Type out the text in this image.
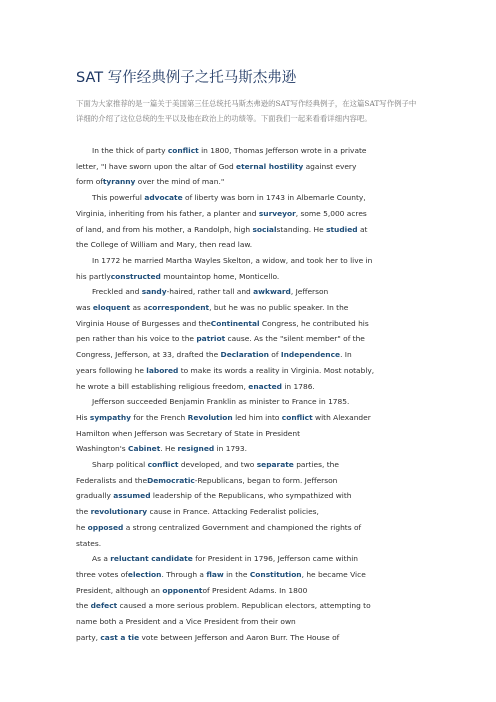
SAT 写作经典例子之托马斯杰弗逊

下面为大家推荐的是一篇关于美国第三任总统托马斯杰弗逊的SAT写作经典例子，在这篇SAT写作例子中详细的介绍了这位总统的生平以及他在政治上的功绩等。下面我们一起来看看详细内容吧。

In the thick of party conflict in 1800, Thomas Jefferson wrote in a private
letter, "I have sworn upon the altar of God eternal hostility against every
form oftyranny over the mind of man."
This powerful advocate of liberty was born in 1743 in Albemarle County,
Virginia, inheriting from his father, a planter and surveyor, some 5,000 acres
of land, and from his mother, a Randolph, high socialstanding. He studied at
the College of William and Mary, then read law.
In 1772 he married Martha Wayles Skelton, a widow, and took her to live in
his partlyconstructed mountaintop home, Monticello.
Freckled and sandy-haired, rather tall and awkward, Jefferson
was eloquent as acorrespondent, but he was no public speaker. In the
Virginia House of Burgesses and theContinental Congress, he contributed his
pen rather than his voice to the patriot cause. As the "silent member" of the
Congress, Jefferson, at 33, drafted the Declaration of Independence. In
years following he labored to make its words a reality in Virginia. Most notably,
he wrote a bill establishing religious freedom, enacted in 1786.
Jefferson succeeded Benjamin Franklin as minister to France in 1785.
His sympathy for the French Revolution led him into conflict with Alexander
Hamilton when Jefferson was Secretary of State in President
Washington's Cabinet. He resigned in 1793.
Sharp political conflict developed, and two separate parties, the
Federalists and theDemocratic-Republicans, began to form. Jefferson
gradually assumed leadership of the Republicans, who sympathized with
the revolutionary cause in France. Attacking Federalist policies,
he opposed a strong centralized Government and championed the rights of
states.
As a reluctant candidate for President in 1796, Jefferson came within
three votes ofelection. Through a flaw in the Constitution, he became Vice
President, although an opponentof President Adams. In 1800
the defect caused a more serious problem. Republican electors, attempting to
name both a President and a Vice President from their own
party, cast a tie vote between Jefferson and Aaron Burr. The House of
